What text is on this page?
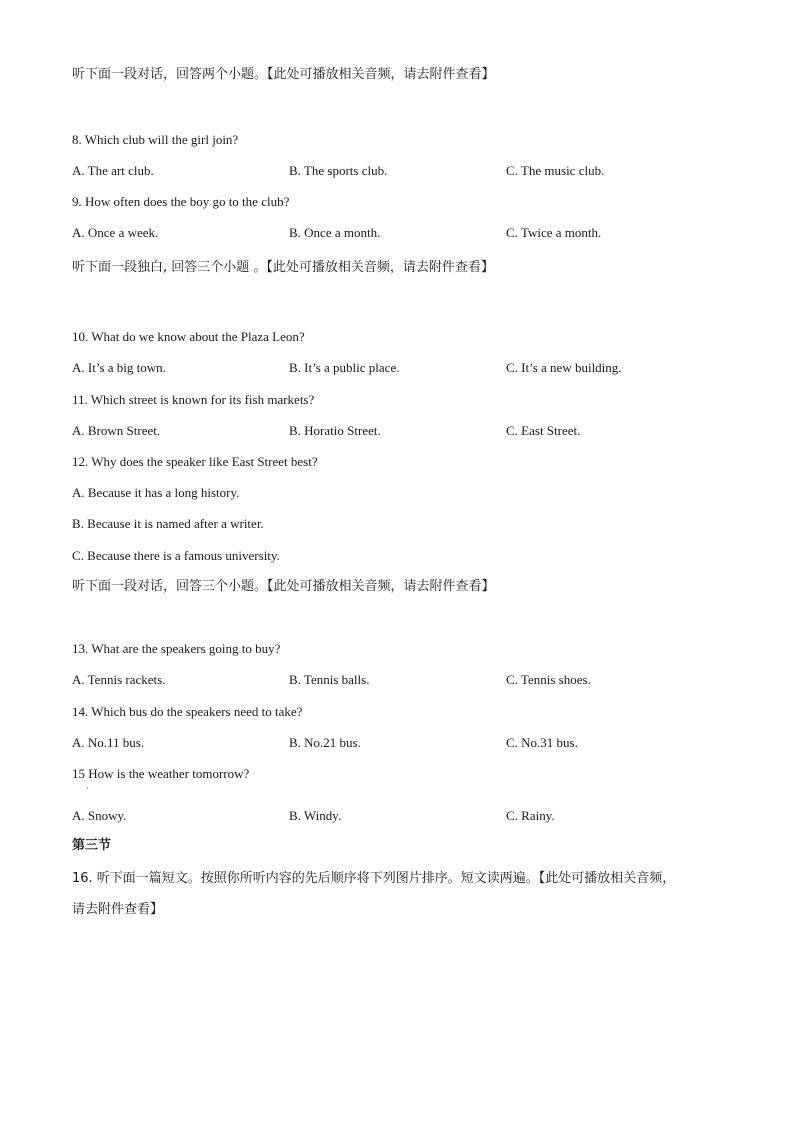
听下面一段对话，回答两个小题。【此处可播放相关音频，请去附件查看】
8. Which club will the girl join?
A. The art club.	B. The sports club.	C. The music club.
9. How often does the boy go to the club?
A. Once a week.	B. Once a month.	C. Twice a month.
听下面一段独白, 回答三个小题 。【此处可播放相关音频，请去附件查看】
10. What do we know about the Plaza Leon?
A. It’s a big town.	B. It’s a public place.	C. It’s a new building.
11. Which street is known for its fish markets?
A. Brown Street.	B. Horatio Street.	C. East Street.
12. Why does the speaker like East Street best?
A. Because it has a long history.
B. Because it is named after a writer.
C. Because there is a famous university.
听下面一段对话，回答三个小题。【此处可播放相关音频，请去附件查看】
13. What are the speakers going to buy?
A. Tennis rackets.	B. Tennis balls.	C. Tennis shoes.
14. Which bus do the speakers need to take?
A. No.11 bus.	B. No.21 bus.	C. No.31 bus.
15 How is the weather tomorrow?
·
A. Snowy.	B. Windy.	C. Rainy.
第三节
16. 听下面一篇短文。按照你所听内容的先后顺序将下列图片排序。短文读两遍。【此处可播放相关音频，
请去附件查看】
